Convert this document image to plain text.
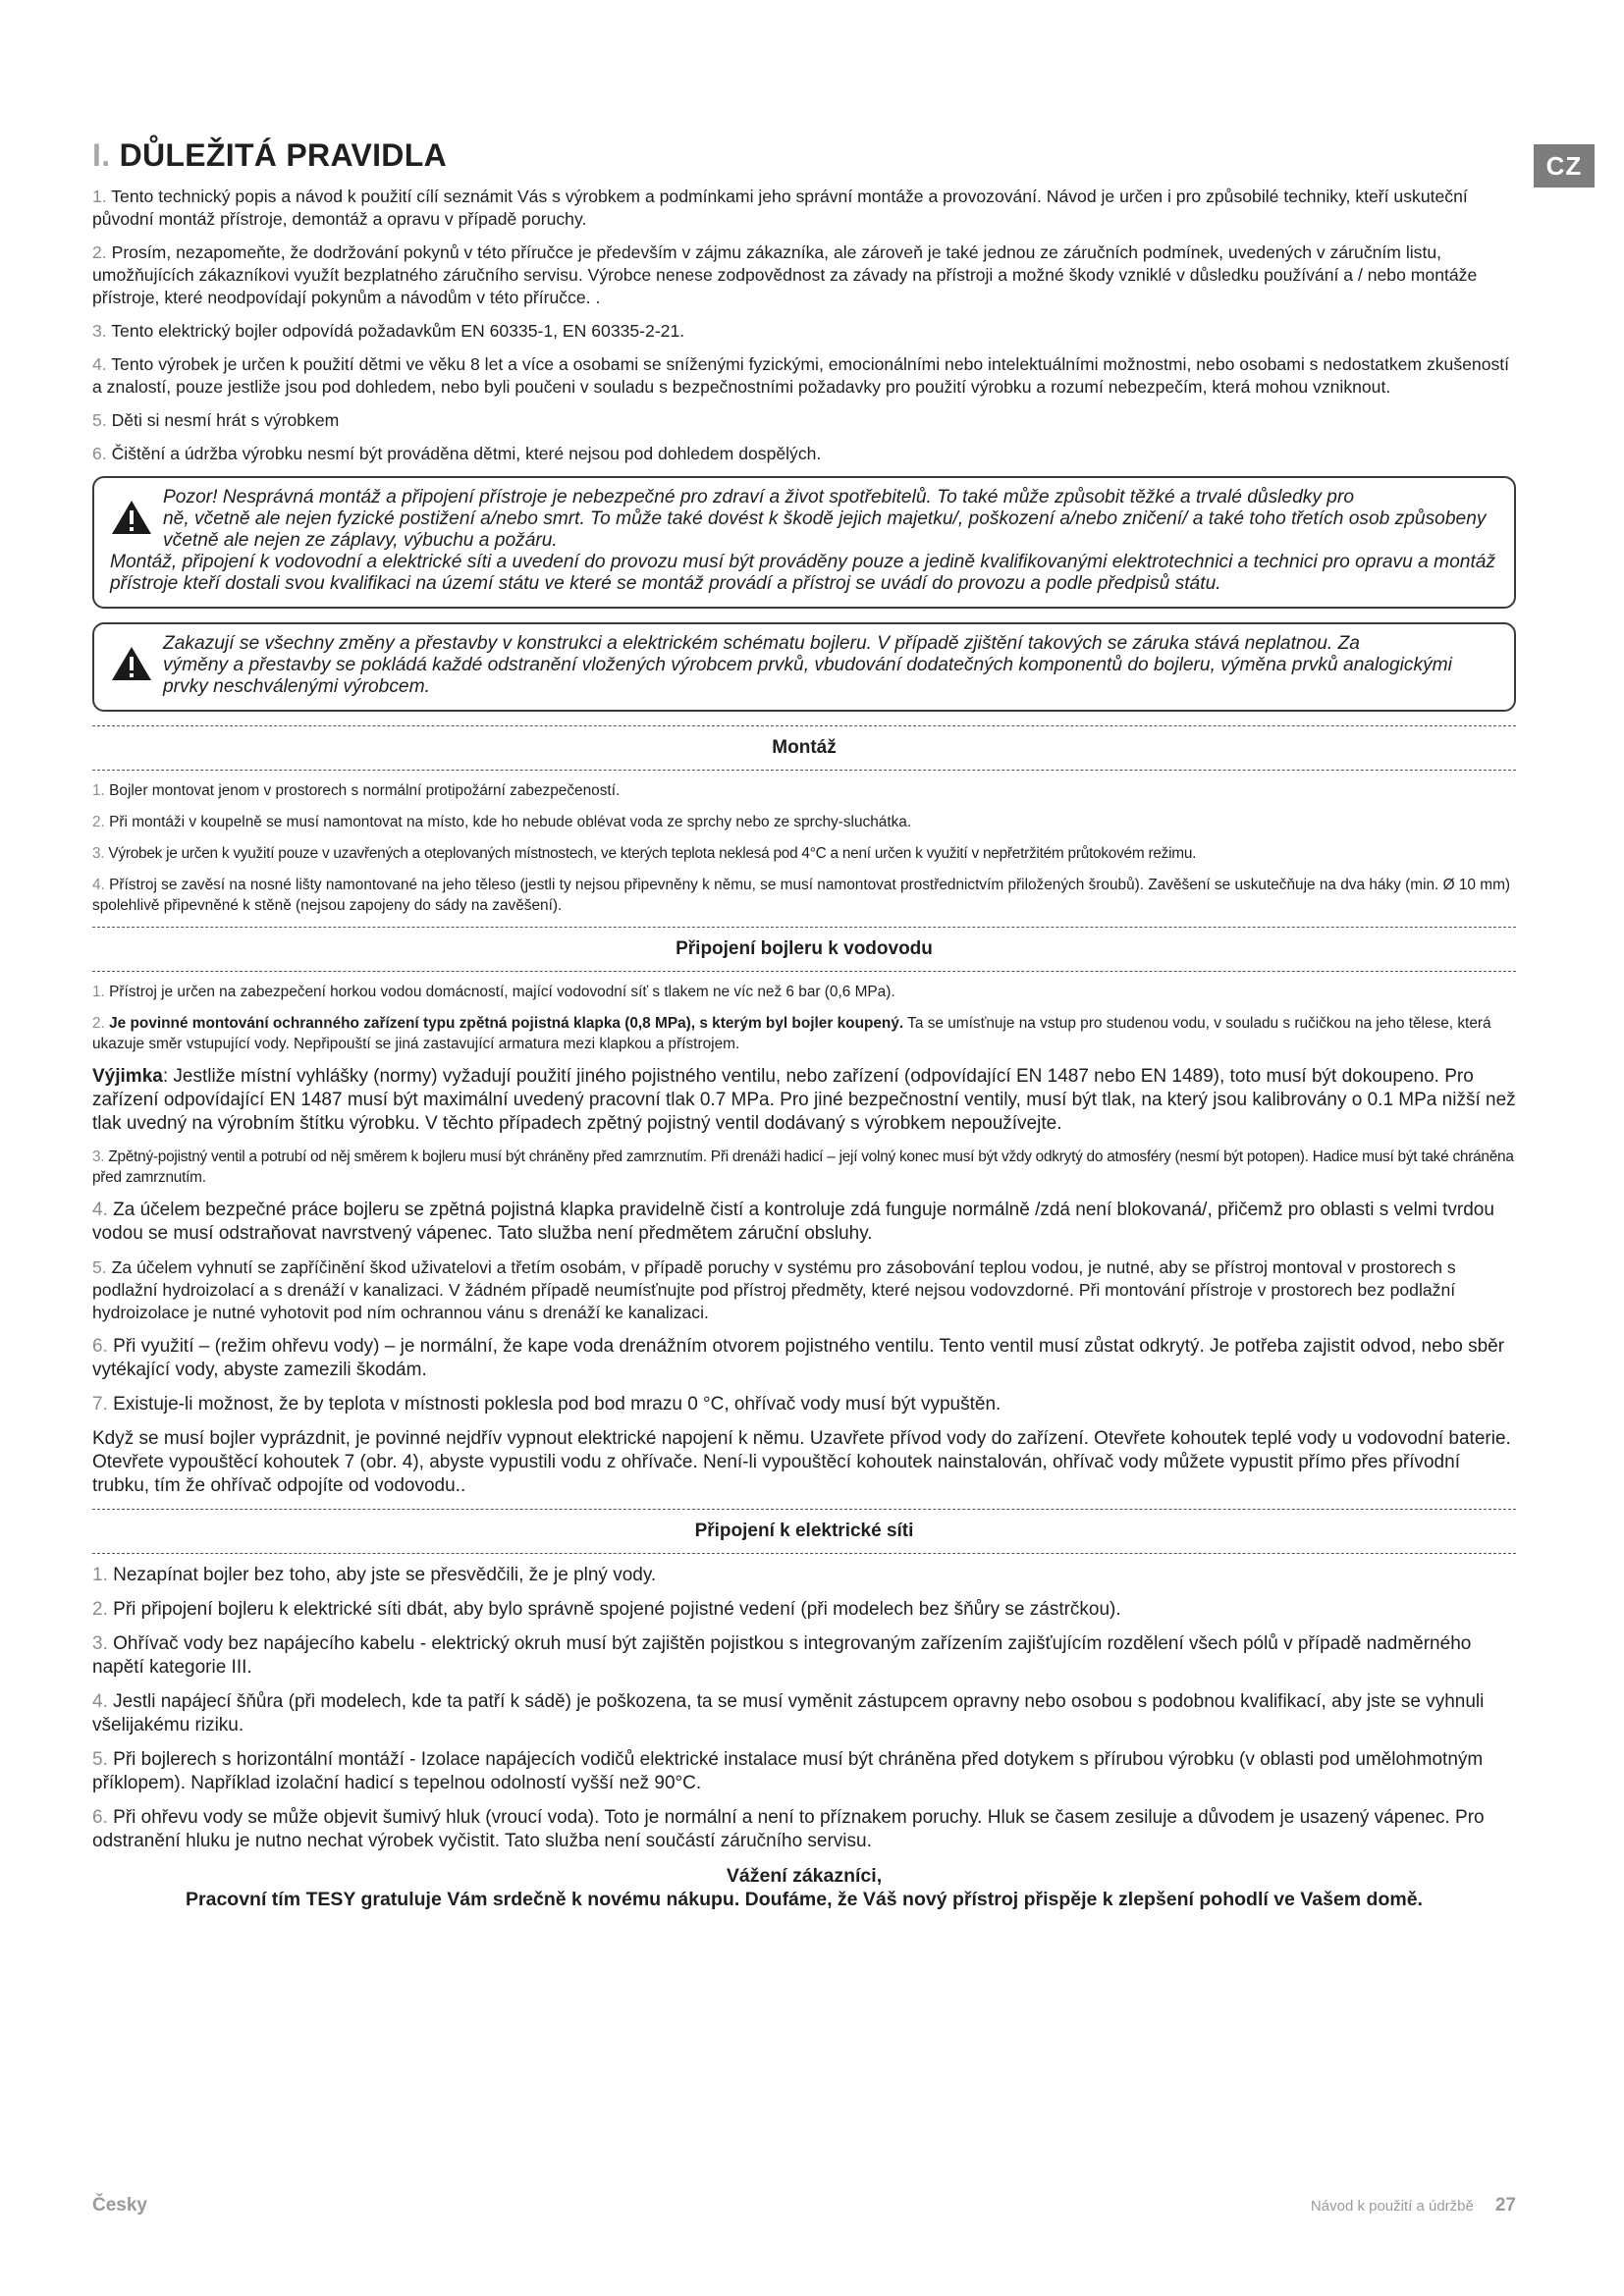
CZ
I. DŮLEŽITÁ PRAVIDLA

1. Tento technický popis a návod k použití cílí seznámit Vás s výrobkem a podmínkami jeho správní montáže a provozování. Návod je určen i pro způsobilé techniky, kteří uskuteční původní montáž přístroje, demontáž a opravu v případě poruchy.

2. Prosím, nezapomeňte, že dodržování pokynů v této příručce je především v zájmu zákazníka, ale zároveň je také jednou ze záručních podmínek, uvedených v záručním listu, umožňujících zákazníkovi využít bezplatného záručního servisu. Výrobce nenese zodpovědnost za závady na přístroji a možné škody vzniklé v důsledku používání a / nebo montáže přístroje, které neodpovídají pokynům a návodům v této příručce. .

3. Tento elektrický bojler odpovídá požadavkům EN 60335-1, EN 60335-2-21.

4. Tento výrobek je určen k použití dětmi ve věku 8 let a více a osobami se sníženými fyzickými, emocionálními nebo intelektuálními možnostmi, nebo osobami s nedostatkem zkušeností a znalostí, pouze jestliže jsou pod dohledem, nebo byli poučeni v souladu s bezpečnostními požadavky pro použití výrobku a rozumí nebezpečím, která mohou vzniknout.

5. Děti si nesmí hrát s výrobkem

6. Čištění a údržba výrobku nesmí být prováděna dětmi, které nejsou pod dohledem dospělých.

Pozor! Nesprávná montáž a připojení přístroje je nebezpečné pro zdraví a život spotřebitelů. To také může způsobit těžké a trvalé důsledky pro
ně, včetně ale nejen fyzické postižení a/nebo smrt. To může také dovést k škodě jejich majetku/, poškození a/nebo zničení/ a také toho třetích osob způsobeny včetně ale nejen ze záplavy, výbuchu a požáru.
Montáž, připojení k vodovodní a elektrické síti a uvedení do provozu musí být prováděny pouze a jedině kvalifikovanými elektrotechnici a technici pro opravu a montáž přístroje kteří dostali svou kvalifikaci na území státu ve které se montáž provádí a přístroj se uvádí do provozu a podle předpisů státu.
Zakazují se všechny změny a přestavby v konstrukci a elektrickém schématu bojleru. V případě zjištění takových se záruka stává neplatnou. Za
výměny a přestavby se pokládá každé odstranění vložených výrobcem prvků, vbudování dodatečných komponentů do bojleru, výměna prvků analogickými prvky neschválenými výrobcem.
Montáž

1. Bojler montovat jenom v prostorech s normální protipožární zabezpečeností.

2. Při montáži v koupelně se musí namontovat na místo, kde ho nebude oblévat voda ze sprchy nebo ze sprchy-sluchátka.

3. Výrobek je určen k využití pouze v uzavřených a oteplovaných místnostech, ve kterých teplota neklesá pod 4°C a není určen k využití v nepřetržitém průtokovém režimu.

4. Přístroj se zavěsí na nosné lišty namontované na jeho těleso (jestli ty nejsou připevněny k němu, se musí namontovat prostřednictvím přiložených šroubů). Zavěšení se uskutečňuje na dva háky (min. Ø 10 mm) spolehlivě připevněné k stěně (nejsou zapojeny do sády na zavěšení).

Připojení bojleru k vodovodu

1. Přístroj je určen na zabezpečení horkou vodou domácností, mající vodovodní síť s tlakem ne víc než 6 bar (0,6 MPa).

2. Je povinné montování ochranného zařízení typu zpětná pojistná klapka (0,8 MPa), s kterým byl bojler koupený. Ta se umísťnuje na vstup pro studenou vodu, v souladu s ručičkou na jeho tělese, která ukazuje směr vstupující vody. Nepřipouští se jiná zastavující armatura mezi klapkou a přístrojem.

Výjimka: Jestliže místní vyhlášky (normy) vyžadují použití jiného pojistného ventilu, nebo zařízení (odpovídající EN 1487 nebo EN 1489), toto musí být dokoupeno. Pro zařízení odpovídající EN 1487 musí být maximální uvedený pracovní tlak 0.7 MPa. Pro jiné bezpečnostní ventily, musí být tlak, na který jsou kalibrovány o 0.1 MPa nižší než tlak uvedný na výrobním štítku výrobku. V těchto případech zpětný pojistný ventil dodávaný s výrobkem nepoužívejte.

3. Zpětný-pojistný ventil a potrubí od něj směrem k bojleru musí být chráněny před zamrznutím. Při drenáži hadicí – její volný konec musí být vždy odkrytý do atmosféry (nesmí být potopen). Hadice musí být také chráněna před zamrznutím.

4. Za účelem bezpečné práce bojleru se zpětná pojistná klapka pravidelně čistí a kontroluje zdá funguje normálně /zdá není blokovaná/, přičemž pro oblasti s velmi tvrdou vodou se musí odstraňovat navrstvený vápenec. Tato služba není předmětem záruční obsluhy.

5. Za účelem vyhnutí se zapříčinění škod uživatelovi a třetím osobám, v případě poruchy v systému pro zásobování teplou vodou, je nutné, aby se přístroj montoval v prostorech s podlažní hydroizolací a s drenáží v kanalizaci. V žádném případě neumísťnujte pod přístroj předměty, které nejsou vodovzdorné. Při montování přístroje v prostorech bez podlažní hydroizolace je nutné vyhotovit pod ním ochrannou vánu s drenáží ke kanalizaci.

6. Při využití – (režim ohřevu vody) – je normální, že kape voda drenážním otvorem pojistného ventilu. Tento ventil musí zůstat odkrytý. Je potřeba zajistit odvod, nebo sběr vytékající vody, abyste zamezili škodám.

7. Existuje-li možnost, že by teplota v místnosti poklesla pod bod mrazu 0 °C, ohřívač vody musí být vypuštěn.

Když se musí bojler vyprázdnit, je povinné nejdřív vypnout elektrické napojení k němu. Uzavřete přívod vody do zařízení. Otevřete kohoutek teplé vody u vodovodní baterie. Otevřete vypouštěcí kohoutek 7 (obr. 4), abyste vypustili vodu z ohřívače. Není-li vypouštěcí kohoutek nainstalován, ohřívač vody můžete vypustit přímo přes přívodní trubku, tím že ohřívač odpojíte od vodovodu..

Připojení k elektrické síti

1. Nezapínat bojler bez toho, aby jste se přesvědčili, že je plný vody.

2. Při připojení bojleru k elektrické síti dbát, aby bylo správně spojené pojistné vedení (při modelech bez šňůry se zástrčkou).

3. Ohřívač vody bez napájecího kabelu - elektrický okruh musí být zajištěn pojistkou s integrovaným zařízením zajišťujícím rozdělení všech pólů v případě nadměrného napětí kategorie III.

4. Jestli napájecí šňůra (při modelech, kde ta patří k sádě) je poškozena, ta se musí vyměnit zástupcem opravny nebo osobou s podobnou kvalifikací, aby jste se vyhnuli všelijakému riziku.

5. Při bojlerech s horizontální montáží - Izolace napájecích vodičů elektrické instalace musí být chráněna před dotykem s přírubou výrobku (v oblasti pod umělohmotným příklopem). Například izolační hadicí s tepelnou odolností vyšší než 90°C.

6. Při ohřevu vody se může objevit šumivý hluk (vroucí voda). Toto je normální a není to příznakem poruchy. Hluk se časem zesiluje a důvodem je usazený vápenec. Pro odstranění hluku je nutno nechat výrobek vyčistit. Tato služba není součástí záručního servisu.

Vážení zákazníci,
Pracovní tím TESY gratuluje Vám srdečně k novému nákupu. Doufáme, že Váš nový přístroj přispěje k zlepšení pohodlí ve Vašem domě.
Česky	Návod k použití a údržbě 27
